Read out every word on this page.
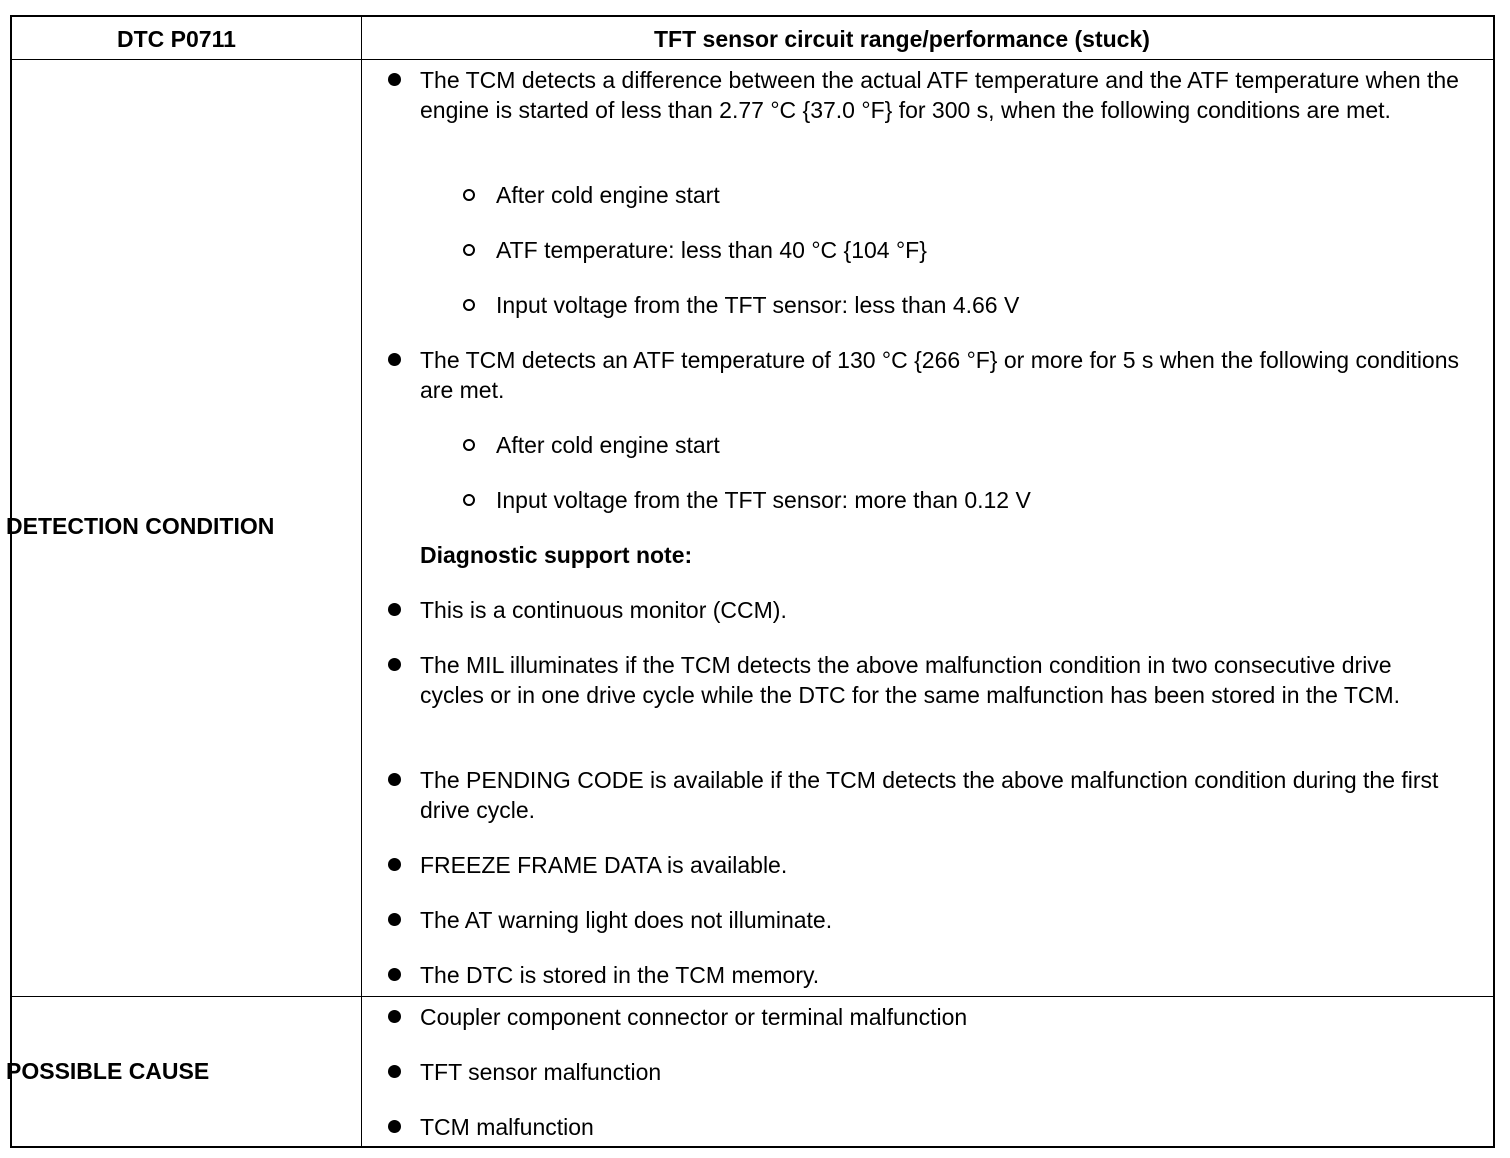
DTC P0711	TFT sensor circuit range/performance (stuck)
DETECTION CONDITION
The TCM detects a difference between the actual ATF temperature and the ATF temperature when the engine is started of less than 2.77 °C {37.0 °F} for 300 s, when the following conditions are met.
After cold engine start
ATF temperature: less than 40 °C {104 °F}
Input voltage from the TFT sensor: less than 4.66 V
The TCM detects an ATF temperature of 130 °C {266 °F} or more for 5 s when the following conditions are met.
After cold engine start
Input voltage from the TFT sensor: more than 0.12 V
Diagnostic support note:
This is a continuous monitor (CCM).
The MIL illuminates if the TCM detects the above malfunction condition in two consecutive drive cycles or in one drive cycle while the DTC for the same malfunction has been stored in the TCM.
The PENDING CODE is available if the TCM detects the above malfunction condition during the first drive cycle.
FREEZE FRAME DATA is available.
The AT warning light does not illuminate.
The DTC is stored in the TCM memory.
POSSIBLE CAUSE
Coupler component connector or terminal malfunction
TFT sensor malfunction
TCM malfunction
